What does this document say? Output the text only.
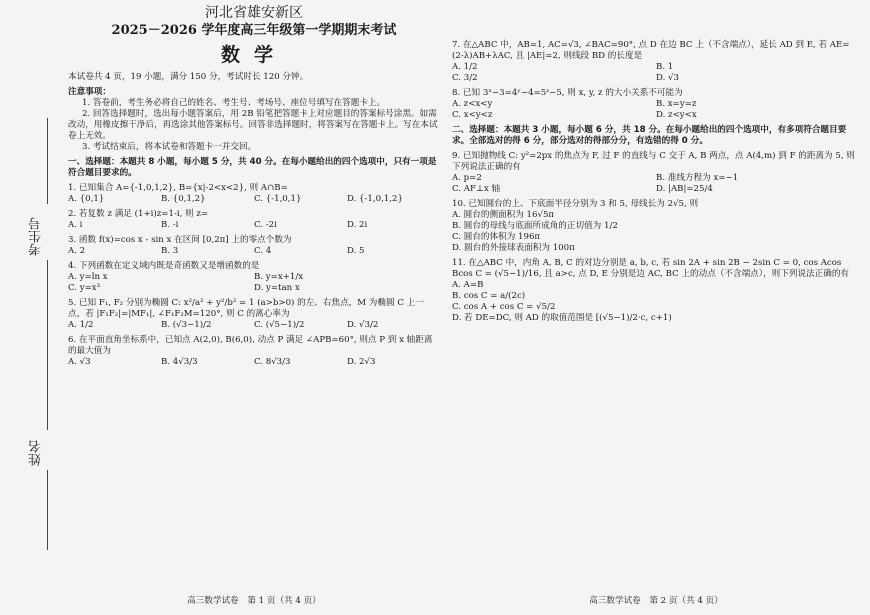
考生号
姓名
河北省雄安新区
2025－2026 学年度高三年级第一学期期末考试
数学

本试卷共 4 页，19 小题，满分 150 分，考试时长 120 分钟。

注意事项：

1. 答卷前，考生务必将自己的姓名、考生号、考场号、座位号填写在答题卡上。

2. 回答选择题时，选出每小题答案后，用 2B 铅笔把答题卡上对应题目的答案标号涂黑。如需改动，用橡皮擦干净后，再选涂其他答案标号。回答非选择题时，将答案写在答题卡上。写在本试卷上无效。

3. 考试结束后，将本试卷和答题卡一并交回。

一、选择题：本题共 8 小题，每小题 5 分，共 40 分。在每小题给出的四个选项中，只有一项是符合题目要求的。

1. 已知集合 A={-1,0,1,2}, B={x|-2<x<2}, 则 A∩B=

A. {0,1}	B. {0,1,2}	C. {-1,0,1}	D. {-1,0,1,2}

2. 若复数 z 满足 (1+i)z=1-i, 则 z=

A. i	B. -i	C. -2i	D. 2i

3. 函数 f(x)=cos x - sin x 在区间 [0,2π] 上的零点个数为

A. 2	B. 3	C. 4	D. 5

4. 下列函数在定义域内既是奇函数又是增函数的是

A. y=ln x	B. y=x+1/x
C. y=x³	D. y=tan x

5. 已知 F₁, F₂ 分别为椭圆 C: x²/a² + y²/b² = 1 (a>b>0) 的左、右焦点，M 为椭圆 C 上一点，若 |F₁F₂|=|MF₁|, ∠F₁F₂M=120°, 则 C 的离心率为

A. 1/2	B. (√3−1)/2	C. (√5−1)/2	D. √3/2

6. 在平面直角坐标系中，已知点 A(2,0), B(6,0), 动点 P 满足 ∠APB=60°, 则点 P 到 x 轴距离的最大值为

A. √3	B. 4√3/3	C. 8√3/3	D. 2√3
高三数学试卷　第 1 页（共 4 页）

7. 在△ABC 中，AB=1, AC=√3, ∠BAC=90°, 点 D 在边 BC 上（不含端点），延长 AD 到 E, 若 AE=(2-λ)AB+λAC, 且 |AE|=2, 则线段 BD 的长度是

A. 1/2	B. 1
C. 3/2	D. √3

8. 已知 3ˣ−3=4ʸ−4=5ᶻ−5, 则 x, y, z 的大小关系不可能为

A. z<x<y	B. x=y=z
C. x<y<z	D. z<y<x

二、选择题：本题共 3 小题，每小题 6 分，共 18 分。在每小题给出的四个选项中，有多项符合题目要求。全部选对的得 6 分，部分选对的得部分分，有选错的得 0 分。

9. 已知抛物线 C: y²=2px 的焦点为 F, 过 F 的直线与 C 交于 A, B 两点，点 A(4,m) 到 F 的距离为 5, 则下列说法正确的有

A. p=2	B. 准线方程为 x=−1
C. AF⊥x 轴	D. |AB|=25/4

10. 已知圆台的上、下底面半径分别为 3 和 5, 母线长为 2√5, 则

A. 圆台的侧面积为 16√5π

B. 圆台的母线与底面所成角的正切值为 1/2

C. 圆台的体积为 196π

D. 圆台的外接球表面积为 100π

11. 在△ABC 中，内角 A, B, C 的对边分别是 a, b, c, 若 sin 2A + sin 2B − 2sin C = 0, cos Acos Bcos C = (√5−1)/16, 且 a>c, 点 D, E 分别是边 AC, BC 上的动点（不含端点），则下列说法正确的有

A. A=B

B. cos C = a/(2c)

C. cos A + cos C = √5/2

D. 若 DE=DC, 则 AD 的取值范围是 [(√5−1)/2·c, c+1)

高三数学试卷　第 2 页（共 4 页）
